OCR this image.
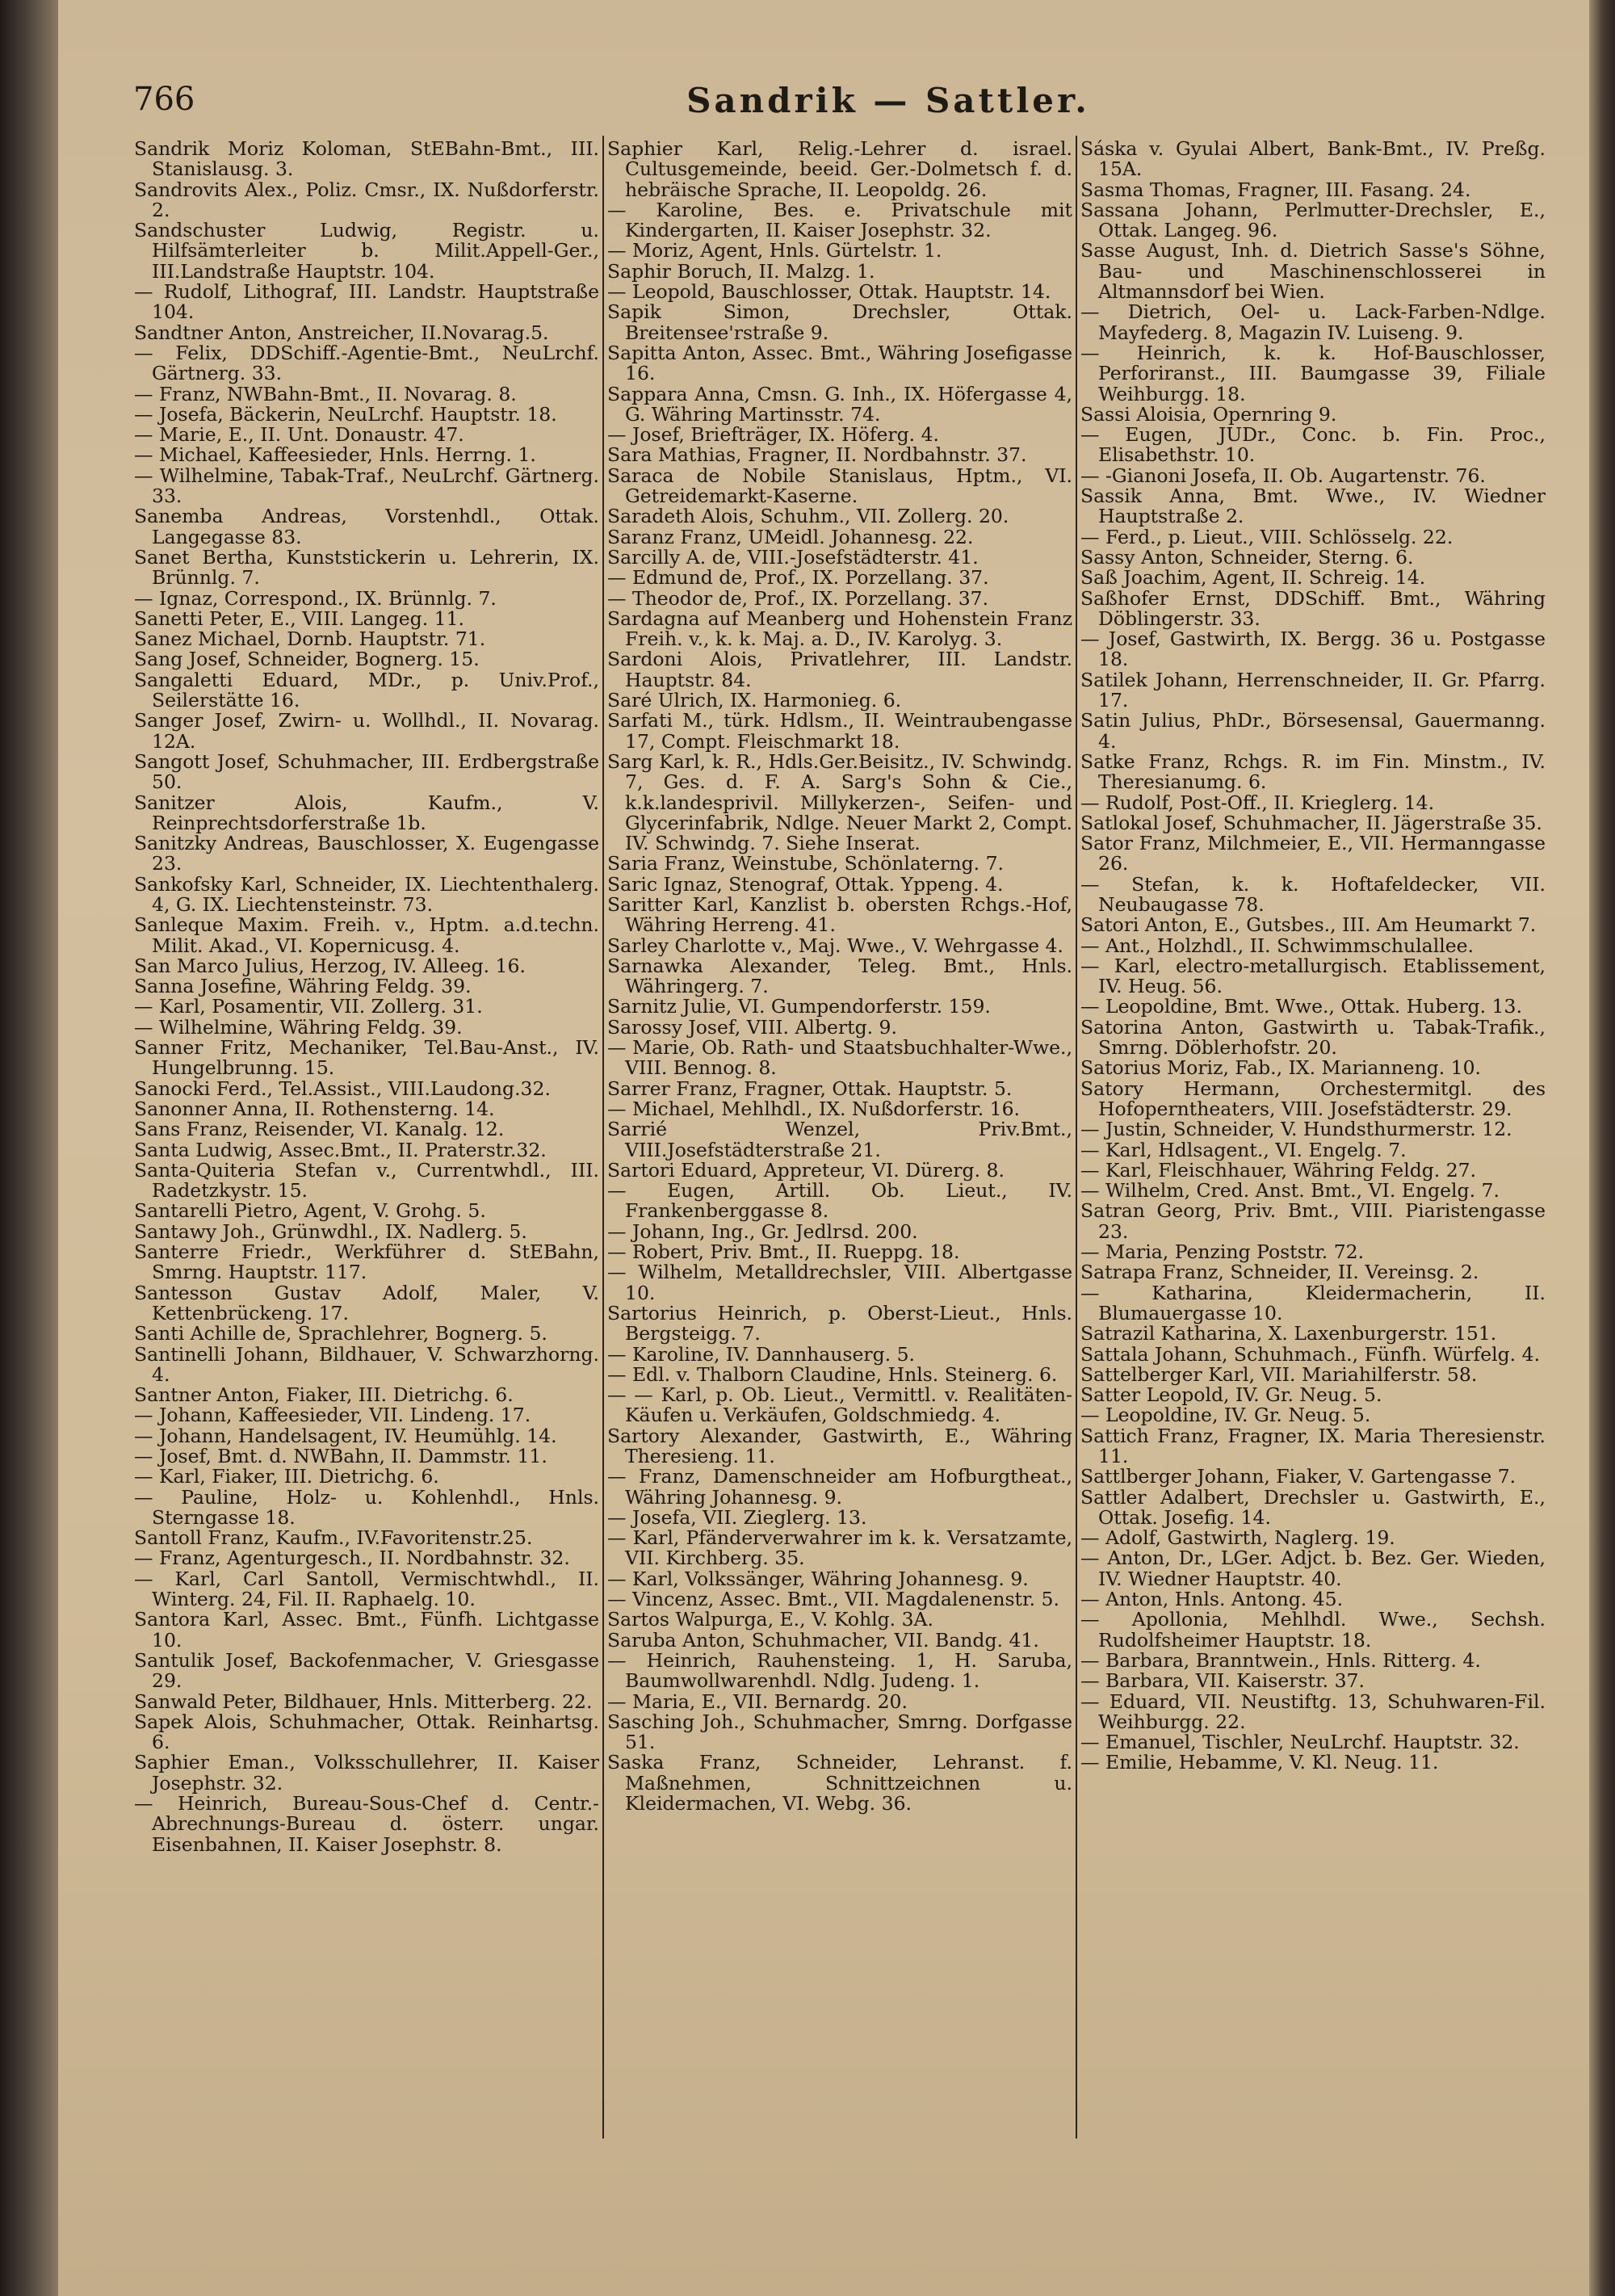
766	Sandrik — Sattler.
Sandrik Moriz Koloman, StEBahn-Bmt., III. Stanislausg. 3.
Sandrovits Alex., Poliz. Cmsr., IX. Nußdorferstr. 2.
Sandschuster Ludwig, Registr. u. Hilfsämterleiter b. Milit.Appell-Ger., III.Landstraße Hauptstr. 104.
— Rudolf, Lithograf, III. Landstr. Hauptstraße 104.
Sandtner Anton, Anstreicher, II.Novarag.5.
— Felix, DDSchiff.-Agentie-Bmt., NeuLrchf. Gärtnerg. 33.
— Franz, NWBahn-Bmt., II. Novarag. 8.
— Josefa, Bäckerin, NeuLrchf. Hauptstr. 18.
— Marie, E., II. Unt. Donaustr. 47.
— Michael, Kaffeesieder, Hnls. Herrng. 1.
— Wilhelmine, Tabak-Traf., NeuLrchf. Gärtnerg. 33.
Sanemba Andreas, Vorstenhdl., Ottak. Langegasse 83.
Sanet Bertha, Kunststickerin u. Lehrerin, IX. Brünnlg. 7.
— Ignaz, Correspond., IX. Brünnlg. 7.
Sanetti Peter, E., VIII. Langeg. 11.
Sanez Michael, Dornb. Hauptstr. 71.
Sang Josef, Schneider, Bognerg. 15.
Sangaletti Eduard, MDr., p. Univ.Prof., Seilerstätte 16.
Sanger Josef, Zwirn- u. Wollhdl., II. Novarag. 12A.
Sangott Josef, Schuhmacher, III. Erdbergstraße 50.
Sanitzer Alois, Kaufm., V. Reinprechtsdorferstraße 1b.
Sanitzky Andreas, Bauschlosser, X. Eugengasse 23.
Sankofsky Karl, Schneider, IX. Liechtenthalerg. 4, G. IX. Liechtensteinstr. 73.
Sanleque Maxim. Freih. v., Hptm. a.d.techn. Milit. Akad., VI. Kopernicusg. 4.
San Marco Julius, Herzog, IV. Alleeg. 16.
Sanna Josefine, Währing Feldg. 39.
— Karl, Posamentir, VII. Zollerg. 31.
— Wilhelmine, Währing Feldg. 39.
Sanner Fritz, Mechaniker, Tel.Bau-Anst., IV. Hungelbrunng. 15.
Sanocki Ferd., Tel.Assist., VIII.Laudong.32.
Sanonner Anna, II. Rothensterng. 14.
Sans Franz, Reisender, VI. Kanalg. 12.
Santa Ludwig, Assec.Bmt., II. Praterstr.32.
Santa-Quiteria Stefan v., Currentwhdl., III. Radetzkystr. 15.
Santarelli Pietro, Agent, V. Grohg. 5.
Santawy Joh., Grünwdhl., IX. Nadlerg. 5.
Santerre Friedr., Werkführer d. StEBahn, Smrng. Hauptstr. 117.
Santesson Gustav Adolf, Maler, V. Kettenbrückeng. 17.
Santi Achille de, Sprachlehrer, Bognerg. 5.
Santinelli Johann, Bildhauer, V. Schwarzhorng. 4.
Santner Anton, Fiaker, III. Dietrichg. 6.
— Johann, Kaffeesieder, VII. Lindeng. 17.
— Johann, Handelsagent, IV. Heumühlg. 14.
— Josef, Bmt. d. NWBahn, II. Dammstr. 11.
— Karl, Fiaker, III. Dietrichg. 6.
— Pauline, Holz- u. Kohlenhdl., Hnls. Sterngasse 18.
Santoll Franz, Kaufm., IV.Favoritenstr.25.
— Franz, Agenturgesch., II. Nordbahnstr. 32.
— Karl, Carl Santoll, Vermischtwhdl., II. Winterg. 24, Fil. II. Raphaelg. 10.
Santora Karl, Assec. Bmt., Fünfh. Lichtgasse 10.
Santulik Josef, Backofenmacher, V. Griesgasse 29.
Sanwald Peter, Bildhauer, Hnls. Mitterberg. 22.
Sapek Alois, Schuhmacher, Ottak. Reinhartsg. 6.
Saphier Eman., Volksschullehrer, II. Kaiser Josephstr. 32.
— Heinrich, Bureau-Sous-Chef d. Centr.-Abrechnungs-Bureau d. österr. ungar. Eisenbahnen, II. Kaiser Josephstr. 8.
Saphier Karl, Relig.-Lehrer d. israel. Cultusgemeinde, beeid. Ger.-Dolmetsch f. d. hebräische Sprache, II. Leopoldg. 26.
— Karoline, Bes. e. Privatschule mit Kindergarten, II. Kaiser Josephstr. 32.
— Moriz, Agent, Hnls. Gürtelstr. 1.
Saphir Boruch, II. Malzg. 1.
— Leopold, Bauschlosser, Ottak. Hauptstr. 14.
Sapik Simon, Drechsler, Ottak. Breitensee'rstraße 9.
Sapitta Anton, Assec. Bmt., Währing Josefigasse 16.
Sappara Anna, Cmsn. G. Inh., IX. Höfergasse 4, G. Währing Martinsstr. 74.
— Josef, Briefträger, IX. Höferg. 4.
Sara Mathias, Fragner, II. Nordbahnstr. 37.
Saraca de Nobile Stanislaus, Hptm., VI. Getreidemarkt-Kaserne.
Saradeth Alois, Schuhm., VII. Zollerg. 20.
Saranz Franz, UMeidl. Johannesg. 22.
Sarcilly A. de, VIII.-Josefstädterstr. 41.
— Edmund de, Prof., IX. Porzellang. 37.
— Theodor de, Prof., IX. Porzellang. 37.
Sardagna auf Meanberg und Hohenstein Franz Freih. v., k. k. Maj. a. D., IV. Karolyg. 3.
Sardoni Alois, Privatlehrer, III. Landstr. Hauptstr. 84.
Saré Ulrich, IX. Harmonieg. 6.
Sarfati M., türk. Hdlsm., II. Weintraubengasse 17, Compt. Fleischmarkt 18.
Sarg Karl, k. R., Hdls.Ger.Beisitz., IV. Schwindg. 7, Ges. d. F. A. Sarg's Sohn & Cie., k.k.landesprivil. Millykerzen-, Seifen- und Glycerinfabrik, Ndlge. Neuer Markt 2, Compt. IV. Schwindg. 7. Siehe Inserat.
Saria Franz, Weinstube, Schönlaterng. 7.
Saric Ignaz, Stenograf, Ottak. Yppeng. 4.
Saritter Karl, Kanzlist b. obersten Rchgs.-Hof, Währing Herreng. 41.
Sarley Charlotte v., Maj. Wwe., V. Wehrgasse 4.
Sarnawka Alexander, Teleg. Bmt., Hnls. Währingerg. 7.
Sarnitz Julie, VI. Gumpendorferstr. 159.
Sarossy Josef, VIII. Albertg. 9.
— Marie, Ob. Rath- und Staatsbuchhalter-Wwe., VIII. Bennog. 8.
Sarrer Franz, Fragner, Ottak. Hauptstr. 5.
— Michael, Mehlhdl., IX. Nußdorferstr. 16.
Sarrié Wenzel, Priv.Bmt., VIII.Josefstädterstraße 21.
Sartori Eduard, Appreteur, VI. Dürerg. 8.
— Eugen, Artill. Ob. Lieut., IV. Frankenberggasse 8.
— Johann, Ing., Gr. Jedlrsd. 200.
— Robert, Priv. Bmt., II. Rueppg. 18.
— Wilhelm, Metalldrechsler, VIII. Albertgasse 10.
Sartorius Heinrich, p. Oberst-Lieut., Hnls. Bergsteigg. 7.
— Karoline, IV. Dannhauserg. 5.
— Edl. v. Thalborn Claudine, Hnls. Steinerg. 6.
— — Karl, p. Ob. Lieut., Vermittl. v. Realitäten-Käufen u. Verkäufen, Goldschmiedg. 4.
Sartory Alexander, Gastwirth, E., Währing Theresieng. 11.
— Franz, Damenschneider am Hofburgtheat., Währing Johannesg. 9.
— Josefa, VII. Zieglerg. 13.
— Karl, Pfänderverwahrer im k. k. Versatzamte, VII. Kirchberg. 35.
— Karl, Volkssänger, Währing Johannesg. 9.
— Vincenz, Assec. Bmt., VII. Magdalenenstr. 5.
Sartos Walpurga, E., V. Kohlg. 3A.
Saruba Anton, Schuhmacher, VII. Bandg. 41.
— Heinrich, Rauhensteing. 1, H. Saruba, Baumwollwarenhdl. Ndlg. Judeng. 1.
— Maria, E., VII. Bernardg. 20.
Sasching Joh., Schuhmacher, Smrng. Dorfgasse 51.
Saska Franz, Schneider, Lehranst. f. Maßnehmen, Schnittzeichnen u. Kleidermachen, VI. Webg. 36.
Sáska v. Gyulai Albert, Bank-Bmt., IV. Preßg. 15A.
Sasma Thomas, Fragner, III. Fasang. 24.
Sassana Johann, Perlmutter-Drechsler, E., Ottak. Langeg. 96.
Sasse August, Inh. d. Dietrich Sasse's Söhne, Bau- und Maschinenschlosserei in Altmannsdorf bei Wien.
— Dietrich, Oel- u. Lack-Farben-Ndlge. Mayfederg. 8, Magazin IV. Luiseng. 9.
— Heinrich, k. k. Hof-Bauschlosser, Perforiranst., III. Baumgasse 39, Filiale Weihburgg. 18.
Sassi Aloisia, Opernring 9.
— Eugen, JUDr., Conc. b. Fin. Proc., Elisabethstr. 10.
— -Gianoni Josefa, II. Ob. Augartenstr. 76.
Sassik Anna, Bmt. Wwe., IV. Wiedner Hauptstraße 2.
— Ferd., p. Lieut., VIII. Schlösselg. 22.
Sassy Anton, Schneider, Sterng. 6.
Saß Joachim, Agent, II. Schreig. 14.
Saßhofer Ernst, DDSchiff. Bmt., Währing Döblingerstr. 33.
— Josef, Gastwirth, IX. Bergg. 36 u. Postgasse 18.
Satilek Johann, Herrenschneider, II. Gr. Pfarrg. 17.
Satin Julius, PhDr., Börsesensal, Gauermanng. 4.
Satke Franz, Rchgs. R. im Fin. Minstm., IV. Theresianumg. 6.
— Rudolf, Post-Off., II. Krieglerg. 14.
Satlokal Josef, Schuhmacher, II. Jägerstraße 35.
Sator Franz, Milchmeier, E., VII. Hermanngasse 26.
— Stefan, k. k. Hoftafeldecker, VII. Neubaugasse 78.
Satori Anton, E., Gutsbes., III. Am Heumarkt 7.
— Ant., Holzhdl., II. Schwimmschulallee.
— Karl, electro-metallurgisch. Etablissement, IV. Heug. 56.
— Leopoldine, Bmt. Wwe., Ottak. Huberg. 13.
Satorina Anton, Gastwirth u. Tabak-Trafik., Smrng. Döblerhofstr. 20.
Satorius Moriz, Fab., IX. Marianneng. 10.
Satory Hermann, Orchestermitgl. des Hofoperntheaters, VIII. Josefstädterstr. 29.
— Justin, Schneider, V. Hundsthurmerstr. 12.
— Karl, Hdlsagent., VI. Engelg. 7.
— Karl, Fleischhauer, Währing Feldg. 27.
— Wilhelm, Cred. Anst. Bmt., VI. Engelg. 7.
Satran Georg, Priv. Bmt., VIII. Piaristengasse 23.
— Maria, Penzing Poststr. 72.
Satrapa Franz, Schneider, II. Vereinsg. 2.
— Katharina, Kleidermacherin, II. Blumauergasse 10.
Satrazil Katharina, X. Laxenburgerstr. 151.
Sattala Johann, Schuhmach., Fünfh. Würfelg. 4.
Sattelberger Karl, VII. Mariahilferstr. 58.
Satter Leopold, IV. Gr. Neug. 5.
— Leopoldine, IV. Gr. Neug. 5.
Sattich Franz, Fragner, IX. Maria Theresienstr. 11.
Sattlberger Johann, Fiaker, V. Gartengasse 7.
Sattler Adalbert, Drechsler u. Gastwirth, E., Ottak. Josefig. 14.
— Adolf, Gastwirth, Naglerg. 19.
— Anton, Dr., LGer. Adjct. b. Bez. Ger. Wieden, IV. Wiedner Hauptstr. 40.
— Anton, Hnls. Antong. 45.
— Apollonia, Mehlhdl. Wwe., Sechsh. Rudolfsheimer Hauptstr. 18.
— Barbara, Branntwein., Hnls. Ritterg. 4.
— Barbara, VII. Kaiserstr. 37.
— Eduard, VII. Neustiftg. 13, Schuhwaren-Fil. Weihburgg. 22.
— Emanuel, Tischler, NeuLrchf. Hauptstr. 32.
— Emilie, Hebamme, V. Kl. Neug. 11.
